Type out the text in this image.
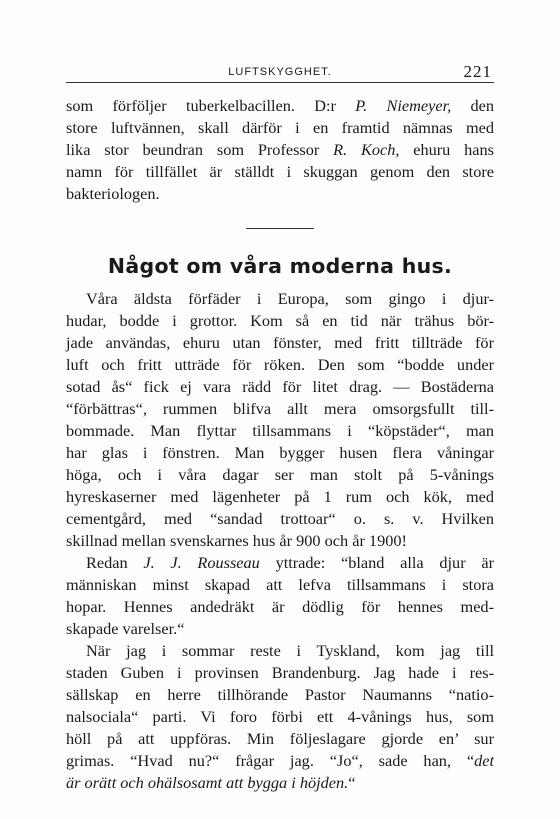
LUFTSKYGGHET.	221
som förföljer tuberkelbacillen. D:r P. Niemeyer, den
store luftvännen, skall därför i en framtid nämnas med
lika stor beundran som Professor R. Koch, ehuru hans
namn för tillfället är ställdt i skuggan genom den store
bakteriologen.
Något om våra moderna hus.
Våra äldsta förfäder i Europa, som gingo i djur-
hudar, bodde i grottor. Kom så en tid när trähus bör-
jade användas, ehuru utan fönster, med fritt tillträde för
luft och fritt utträde för röken. Den som “bodde under
sotad ås“ fick ej vara rädd för litet drag. — Bostäderna
“förbättras“, rummen blifva allt mera omsorgsfullt till-
bommade. Man flyttar tillsammans i “köpstäder“, man
har glas i fönstren. Man bygger husen flera våningar
höga, och i våra dagar ser man stolt på 5-vånings
hyreskaserner med lägenheter på 1 rum och kök, med
cementgård, med “sandad trottoar“ o. s. v. Hvilken
skillnad mellan svenskarnes hus år 900 och år 1900!
Redan J. J. Rousseau yttrade: “bland alla djur är
människan minst skapad att lefva tillsammans i stora
hopar. Hennes andedräkt är dödlig för hennes med-
skapade varelser.“
När jag i sommar reste i Tyskland, kom jag till
staden Guben i provinsen Brandenburg. Jag hade i res-
sällskap en herre tillhörande Pastor Naumanns “natio-
nalsociala“ parti. Vi foro förbi ett 4-vånings hus, som
höll på att uppföras. Min följeslagare gjorde en’ sur
grimas. “Hvad nu?“ frågar jag. “Jo“, sade han, “det
är orätt och ohälsosamt att bygga i höjden.“
